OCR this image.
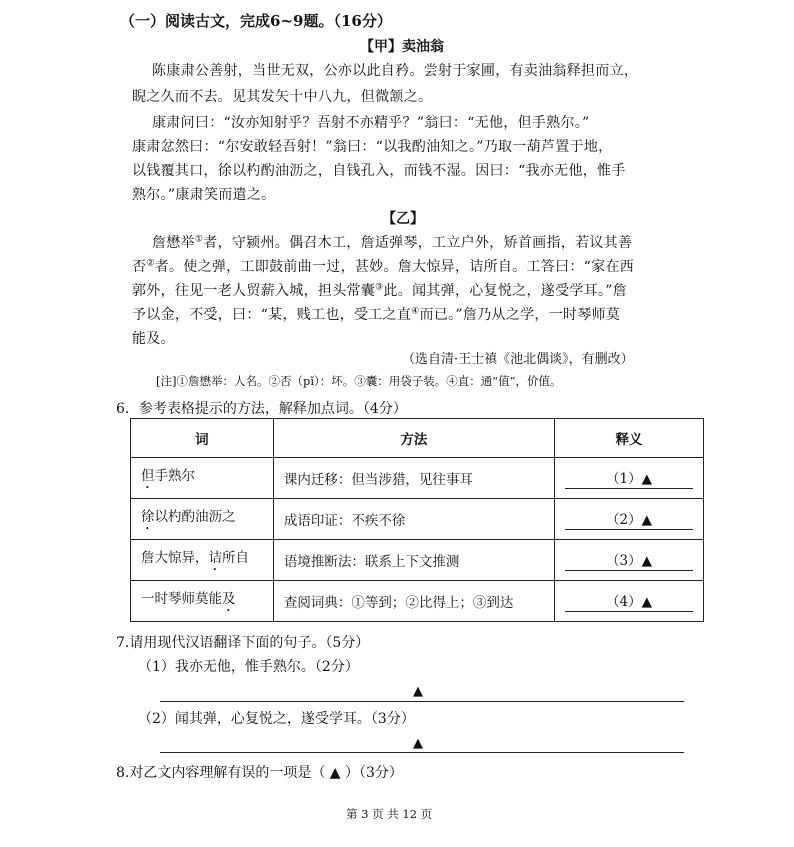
（一）阅读古文，完成6~9题。（16分）
【甲】卖油翁
陈康肃公善射，当世无双，公亦以此自矜。尝射于家圃，有卖油翁释担而立，
睨之久而不去。见其发矢十中八九，但微颔之。
康肃问曰：“汝亦知射乎？吾射不亦精乎？”翁曰：“无他，但手熟尔。”
康肃忿然曰：“尔安敢轻吾射！”翁曰：“以我酌油知之。”乃取一葫芦置于地，
以钱覆其口，徐以杓酌油沥之，自钱孔入，而钱不湿。因曰：“我亦无他，惟手
熟尔。”康肃笑而遣之。
【乙】
詹懋举①者，守颍州。偶召木工，詹适弹琴，工立户外，矫首画指，若议其善
否②者。使之弹，工即鼓前曲一过，甚妙。詹大惊异，诘所自。工答曰：“家在西
郭外，往见一老人贸薪入城，担头常囊③此。闻其弹，心复悦之，遂受学耳。”詹
予以金，不受，曰：“某，贱工也，受工之直④而已。”詹乃从之学，一时琴师莫
能及。
（选自清·王士禛《池北偶谈》，有删改）
[注]①詹懋举：人名。②否（pǐ）：坏。③囊：用袋子装。④直：通“值”，价值。
6．参考表格提示的方法，解释加点词。（4分）
词	方法	释义
但手熟尔	课内迁移：但当涉猎，见往事耳	（1）▲
徐以杓酌油沥之	成语印证：不疾不徐	（2）▲
詹大惊异，诘所自	语境推断法：联系上下文推测	（3）▲
一时琴师莫能及	查阅词典：①等到；②比得上；③到达	（4）▲
7.请用现代汉语翻译下面的句子。（5分）
（1）我亦无他，惟手熟尔。（2分）
▲
（2）闻其弹，心复悦之，遂受学耳。（3分）
▲
8.对乙文内容理解有误的一项是（ ▲ ）（3分）
第 3 页 共 12 页
